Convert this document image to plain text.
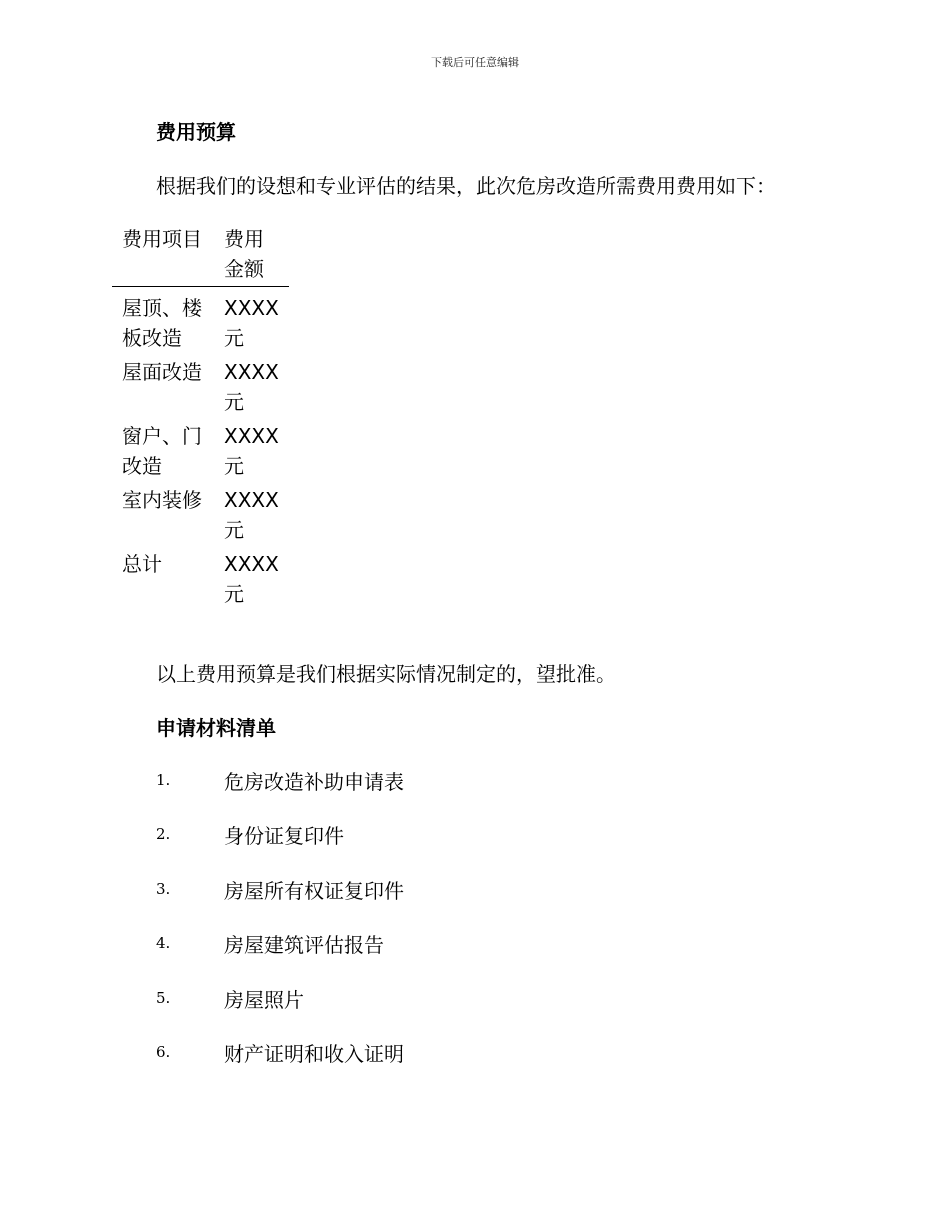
下载后可任意编辑
费用预算
根据我们的设想和专业评估的结果，此次危房改造所需费用费用如下：
费用项目	费用金额
屋顶、楼板改造	XXXX元
屋面改造	XXXX元
窗户、门改造	XXXX元
室内装修	XXXX元
总计	XXXX元
以上费用预算是我们根据实际情况制定的，望批准。
申请材料清单
1.	危房改造补助申请表
2.	身份证复印件
3.	房屋所有权证复印件
4.	房屋建筑评估报告
5.	房屋照片
6.	财产证明和收入证明
